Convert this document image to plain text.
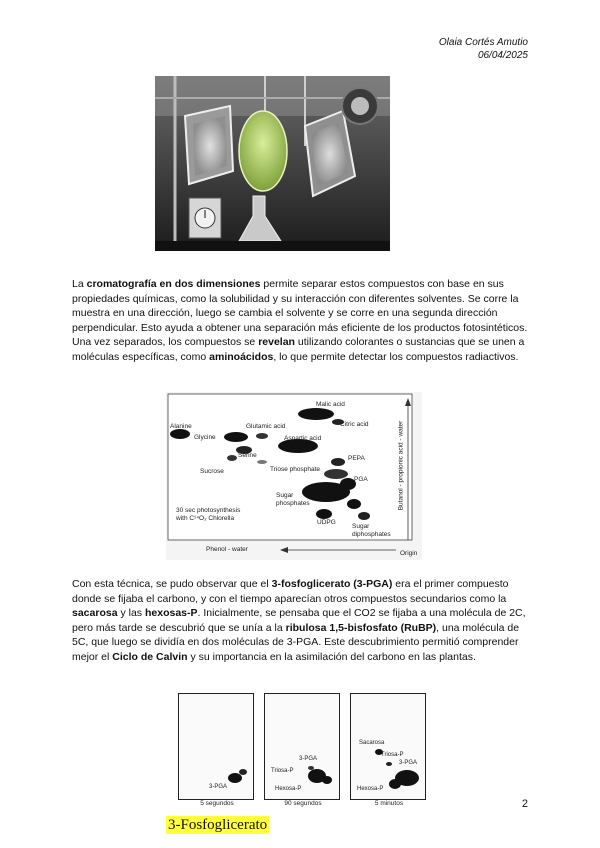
Olaia Cortés Amutio
06/04/2025
La cromatografía en dos dimensiones permite separar estos compuestos con base en sus propiedades químicas, como la solubilidad y su interacción con diferentes solventes. Se corre la muestra en una dirección, luego se cambia el solvente y se corre en una segunda dirección perpendicular. Esto ayuda a obtener una separación más eficiente de los productos fotosintéticos. Una vez separados, los compuestos se revelan utilizando colorantes o sustancias que se unen a moléculas específicas, como aminoácidos, lo que permite detectar los compuestos radiactivos.
Malic acid
Citric acid
Alanine	Glutamic acid
Glycine	Aspartic acid
Serine	PEPA
Sucrose	Triose phosphate
PGA
Sugar phosphates
UDPG
Sugar diphosphates
30 sec photosynthesis
with C¹⁴O₂ Chlorella
Phenol - water
Butanol - propionic acid - water
Origin
Con esta técnica, se pudo observar que el 3-fosfoglicerato (3-PGA) era el primer compuesto donde se fijaba el carbono, y con el tiempo aparecían otros compuestos secundarios como la sacarosa y las hexosas-P. Inicialmente, se pensaba que el CO2 se fijaba a una molécula de 2C, pero más tarde se descubrió que se unía a la ribulosa 1,5-bisfosfato (RuBP), una molécula de 5C, que luego se dividía en dos moléculas de 3-PGA. Este descubrimiento permitió comprender mejor el Ciclo de Calvin y su importancia en la asimilación del carbono en las plantas.
3-PGA
5 segundos
3-PGA
Triosa-P
Hexosa-P
90 segundos
Sacarosa
Triosa-P
3-PGA
Hexosa-P
5 minutos	2
3-Fosfoglicerato
